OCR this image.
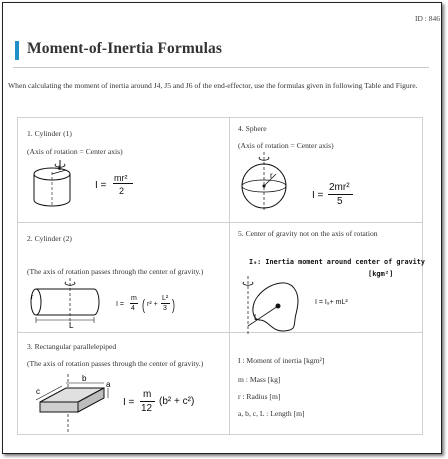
ID : 846
Moment-of-Inertia Formulas
When calculating the moment of inertia around J4, J5 and J6 of the end-effector, use the formulas given in following Table and Figure.
1. Cylinder (1)
(Axis of rotation = Center axis)
r
I =
mr²
2
4. Sphere
(Axis of rotation = Center axis)
r
I =
2mr²
5
2. Cylinder (2)
(The axis of rotation passes through the center of gravity.)
L
r
I =
m
4 ( r² +
L²
3 )
5. Center of gravity not on the axis of rotation
I₉: Inertia moment around center of gravity
[kgm²]
L
I = I₉+ mL²
3. Rectangular parallelepiped
(The axis of rotation passes through the center of gravity.)
b
a
c
I =
m
12
(b² + c²)
I : Moment of inertia [kgm²]
m : Mass [kg]
r : Radius [m]
a, b, c, L : Length [m]
